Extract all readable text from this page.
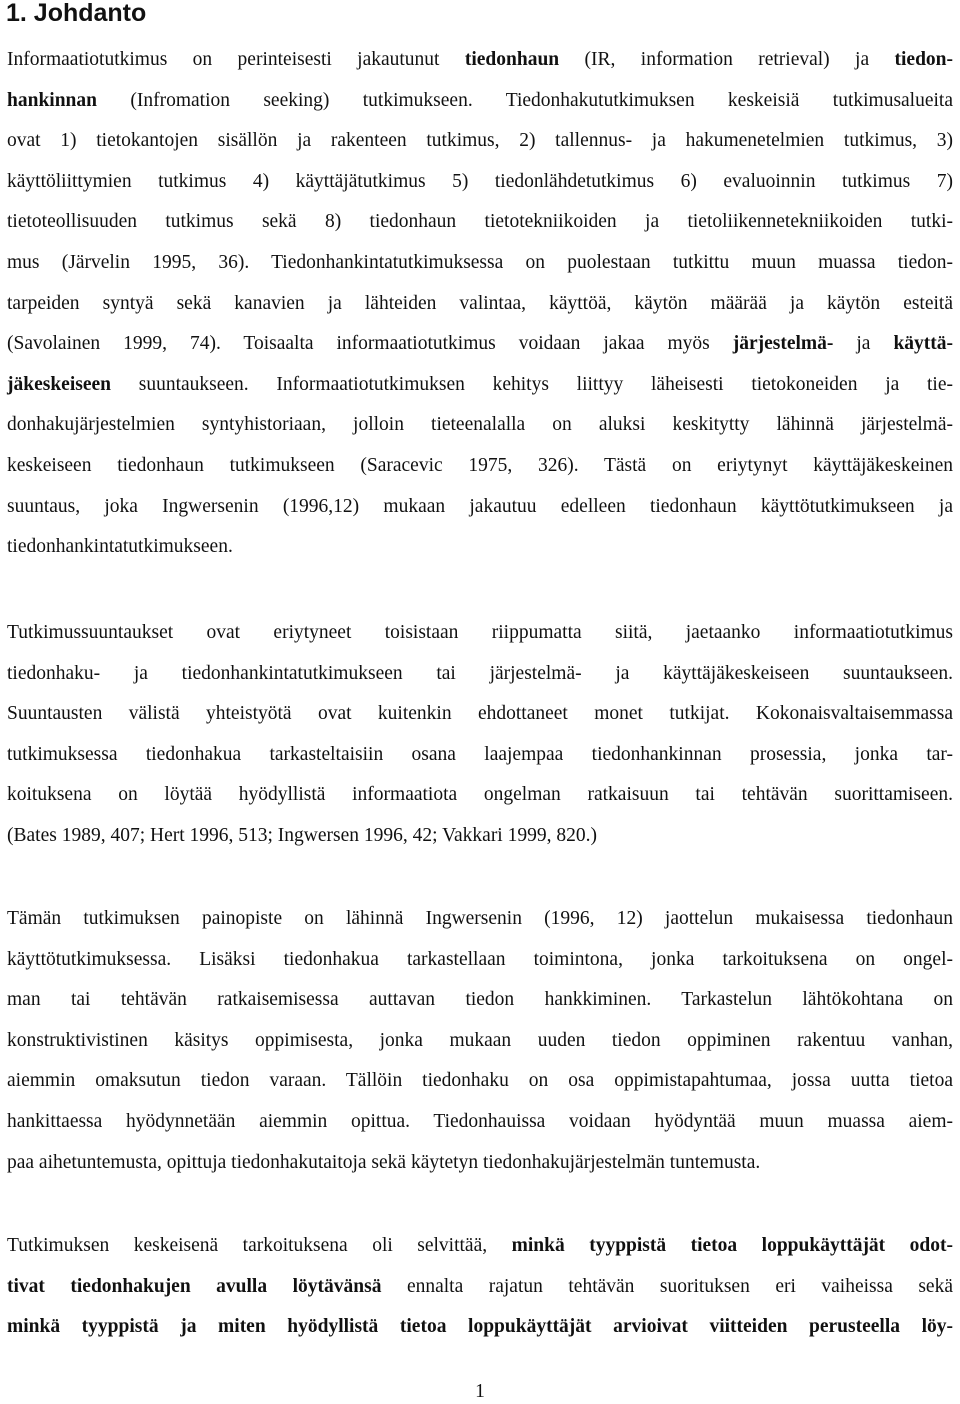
1. Johdanto
Informaatiotutkimus on perinteisesti jakautunut tiedonhaun (IR, information retrieval) ja tiedon-
hankinnan (Infromation seeking) tutkimukseen. Tiedonhakututkimuksen keskeisiä tutkimusalueita
ovat 1) tietokantojen sisällön ja rakenteen tutkimus, 2) tallennus- ja hakumenetelmien tutkimus, 3)
käyttöliittymien tutkimus 4) käyttäjätutkimus 5) tiedonlähdetutkimus 6) evaluoinnin tutkimus 7)
tietoteollisuuden tutkimus sekä 8) tiedonhaun tietotekniikoiden ja tietoliikennetekniikoiden tutki-
mus (Järvelin 1995, 36). Tiedonhankintatutkimuksessa on puolestaan tutkittu muun muassa tiedon-
tarpeiden syntyä sekä kanavien ja lähteiden valintaa, käyttöä, käytön määrää ja käytön esteitä
(Savolainen 1999, 74). Toisaalta informaatiotutkimus voidaan jakaa myös järjestelmä- ja käyttä-
jäkeskeiseen suuntaukseen. Informaatiotutkimuksen kehitys liittyy läheisesti tietokoneiden ja tie-
donhakujärjestelmien syntyhistoriaan, jolloin tieteenalalla on aluksi keskitytty lähinnä järjestelmä-
keskeiseen tiedonhaun tutkimukseen (Saracevic 1975, 326). Tästä on eriytynyt käyttäjäkeskeinen
suuntaus, joka Ingwersenin (1996,12) mukaan jakautuu edelleen tiedonhaun käyttötutkimukseen ja
tiedonhankintatutkimukseen.
Tutkimussuuntaukset ovat eriytyneet toisistaan riippumatta siitä, jaetaanko informaatiotutkimus
tiedonhaku- ja tiedonhankintatutkimukseen tai järjestelmä- ja käyttäjäkeskeiseen suuntaukseen.
Suuntausten välistä yhteistyötä ovat kuitenkin ehdottaneet monet tutkijat. Kokonaisvaltaisemmassa
tutkimuksessa tiedonhakua tarkasteltaisiin osana laajempaa tiedonhankinnan prosessia, jonka tar-
koituksena on löytää hyödyllistä informaatiota ongelman ratkaisuun tai tehtävän suorittamiseen.
(Bates 1989, 407; Hert 1996, 513; Ingwersen 1996, 42; Vakkari 1999, 820.)
Tämän tutkimuksen painopiste on lähinnä Ingwersenin (1996, 12) jaottelun mukaisessa tiedonhaun
käyttötutkimuksessa. Lisäksi tiedonhakua tarkastellaan toimintona, jonka tarkoituksena on ongel-
man tai tehtävän ratkaisemisessa auttavan tiedon hankkiminen. Tarkastelun lähtökohtana on
konstruktivistinen käsitys oppimisesta, jonka mukaan uuden tiedon oppiminen rakentuu vanhan,
aiemmin omaksutun tiedon varaan. Tällöin tiedonhaku on osa oppimistapahtumaa, jossa uutta tietoa
hankittaessa hyödynnetään aiemmin opittua. Tiedonhauissa voidaan hyödyntää muun muassa aiem-
paa aihetuntemusta, opittuja tiedonhakutaitoja sekä käytetyn tiedonhakujärjestelmän tuntemusta.
Tutkimuksen keskeisenä tarkoituksena oli selvittää, minkä tyyppistä tietoa loppukäyttäjät odot-
tivat tiedonhakujen avulla löytävänsä ennalta rajatun tehtävän suorituksen eri vaiheissa sekä
minkä tyyppistä ja miten hyödyllistä tietoa loppukäyttäjät arvioivat viitteiden perusteella löy-
1
